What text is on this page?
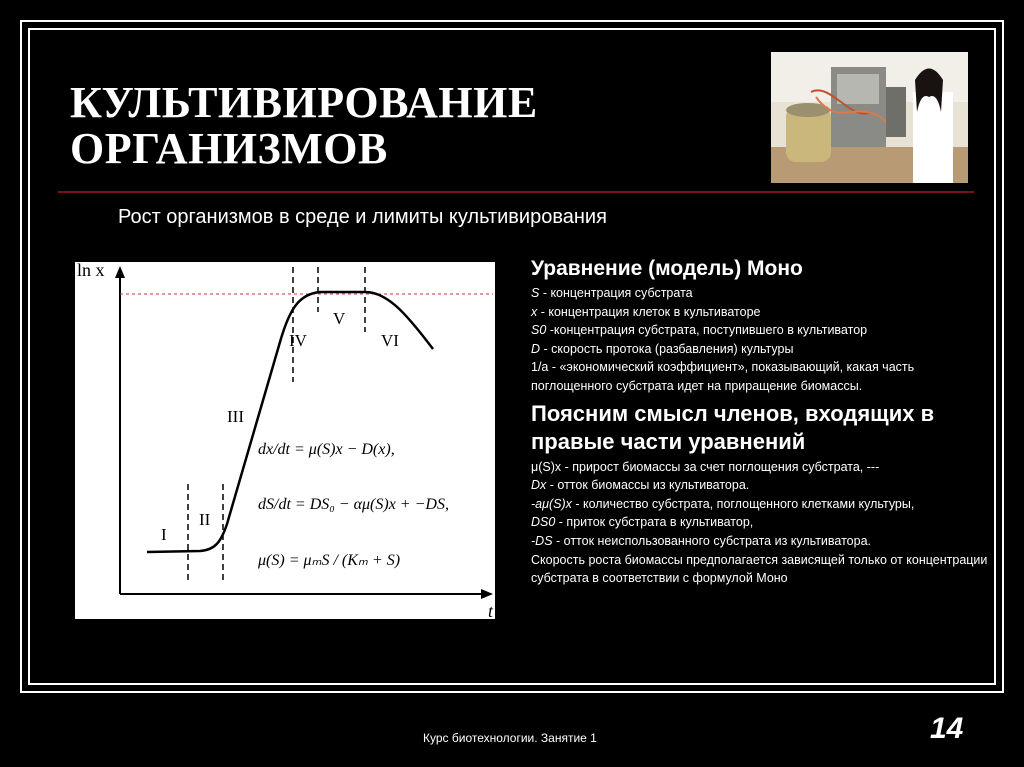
КУЛЬТИВИРОВАНИЕ
ОРГАНИЗМОВ
Рост организмов в среде и лимиты культивирования
ln x
t
I
II
III
IV
V
VI
dx/dt = μ(S)x − D(x),
dS/dt = DS₀ − αμ(S)x + −DS,
μ(S) = μₘS / (Kₘ + S)

Уравнение (модель) Моно

S - концентрация субстрата

x - концентрация клеток в культиваторе

S0 -концентрация субстрата, поступившего в культиватор

D - скорость протока (разбавления) культуры

1/а - «экономический коэффициент», показывающий, какая часть поглощенного субстрата идет на приращение биомассы.

Поясним смысл членов, входящих в правые части уравнений

μ(S)x - прирост биомассы за счет поглощения субстрата, ---

Dx - отток биомассы из культиватора.

-aμ(S)x - количество субстрата, поглощенного клетками культуры,

DS0 - приток субстрата в культиватор,

-DS - отток неиспользованного субстрата из культиватора.

Скорость роста биомассы предполагается зависящей только от концентрации субстрата в соответствии с формулой Моно

Курс биотехнологии. Занятие 1	14
